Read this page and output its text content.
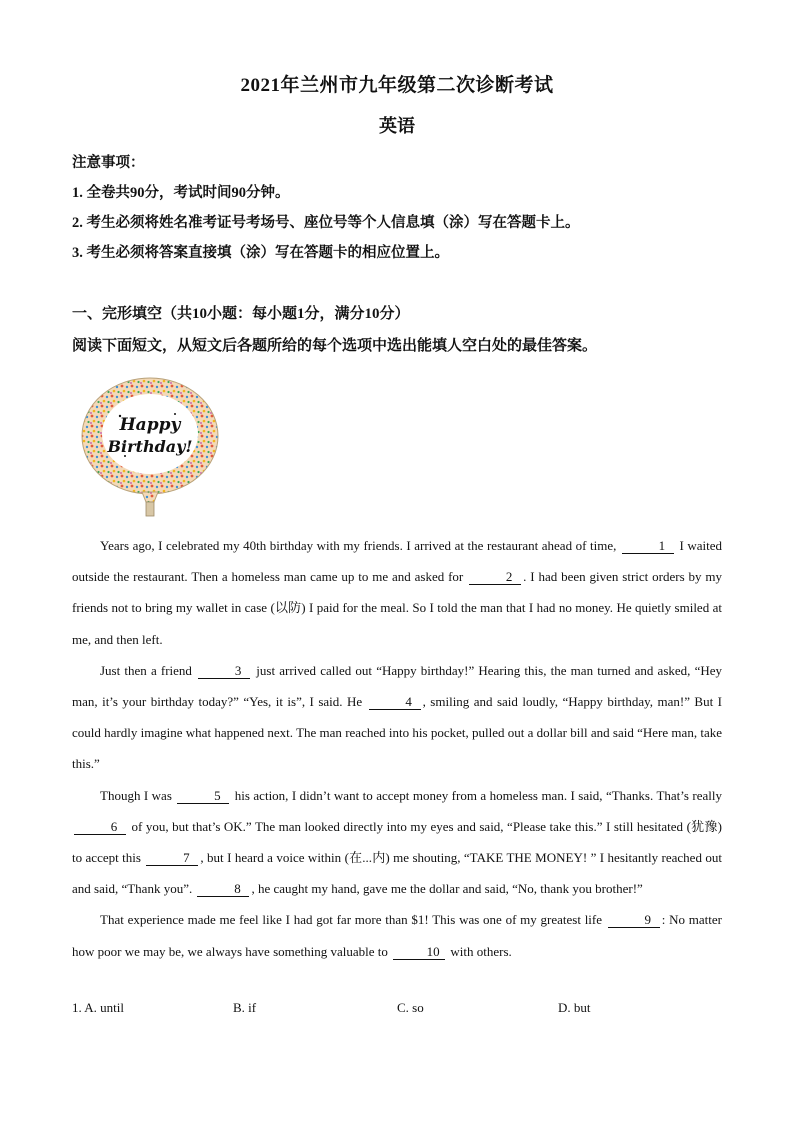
2021年兰州市九年级第二次诊断考试
英语
注意事项：
1. 全卷共90分，考试时间90分钟。
2. 考生必须将姓名准考证号考场号、座位号等个人信息填（涂）写在答题卡上。
3. 考生必须将答案直接填（涂）写在答题卡的相应位置上。
一、完形填空（共10小题：每小题1分，满分10分）
阅读下面短文，从短文后各题所给的每个选项中选出能填人空白处的最佳答案。
Happy
Birthday!

Years ago, I celebrated my 40th birthday with my friends. I arrived at the restaurant ahead of time,	1 I waited outside the restaurant. Then a homeless man came up to me and asked for	2 . I had been given strict orders by my friends not to bring my wallet in case (以防) I paid for the meal. So I told the man that I had no money. He quietly smiled at me, and then left.

Just then a friend	3 just arrived called out “Happy birthday!” Hearing this, the man turned and asked, “Hey man, it’s your birthday today?” “Yes, it is”, I said. He	4 , smiling and said loudly, “Happy birthday, man!” But I could hardly imagine what happened next. The man reached into his pocket, pulled out a dollar bill and said “Here man, take this.”

Though I was	5 his action, I didn’t want to accept money from a homeless man. I said, “Thanks. That’s really 6 of you, but that’s OK.” The man looked directly into my eyes and said, “Please take this.” I still hesitated (犹豫) to accept this	7 , but I heard a voice within (在...内) me shouting, “TAKE THE MONEY! ” I hesitantly reached out and said, “Thank you”.	8 , he caught my hand, gave me the dollar and said, “No, thank you brother!”

That experience made me feel like I had got far more than $1! This was one of my greatest life	9 : No matter how poor we may be, we always have something valuable to	10 with others.

1. A. until	B. if	C. so	D. but
